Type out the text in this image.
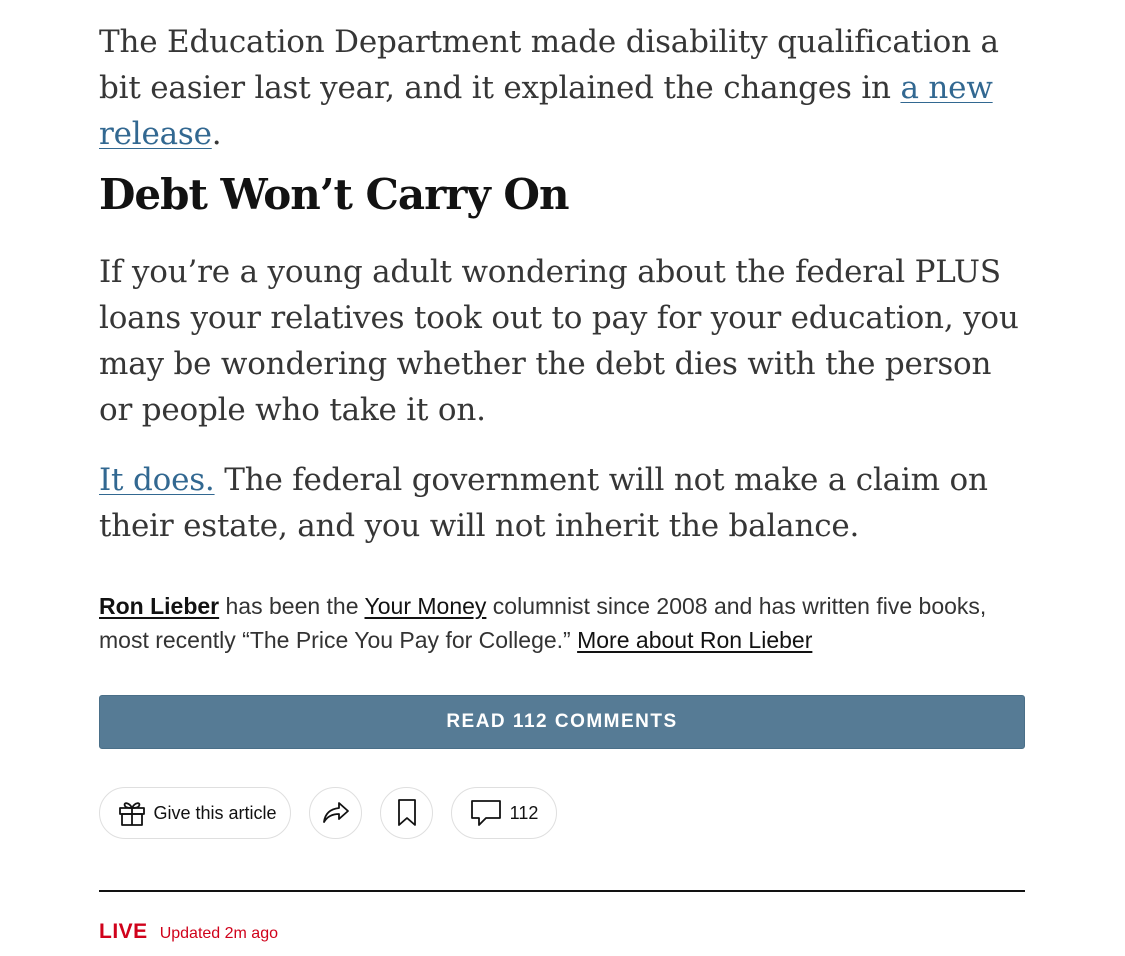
The Education Department made disability qualification a bit easier last year, and it explained the changes in a new release.

Debt Won’t Carry On

If you’re a young adult wondering about the federal PLUS loans your relatives took out to pay for your education, you may be wondering whether the debt dies with the person or people who take it on.

It does. The federal government will not make a claim on their estate, and you will not inherit the balance.

Ron Lieber has been the Your Money columnist since 2008 and has written five books, most recently “The Price You Pay for College.” More about Ron Lieber

READ 112 COMMENTS
Give this article	112
LIVE Updated 2m ago
